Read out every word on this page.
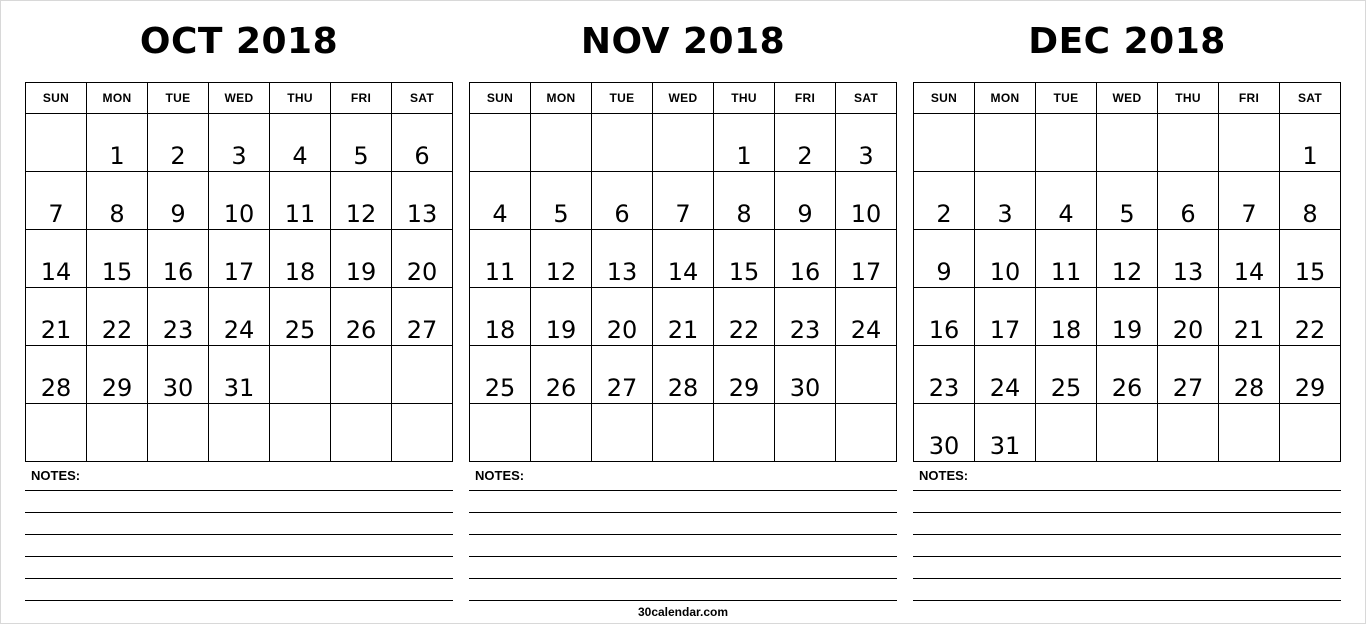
OCT 2018
SUN	MON	TUE	WED	THU	FRI	SAT
	1	2	3	4	5	6
7	8	9	10	11	12	13
14	15	16	17	18	19	20
21	22	23	24	25	26	27
28	29	30	31			

NOTES:
NOV 2018
SUN	MON	TUE	WED	THU	FRI	SAT
				1	2	3
4	5	6	7	8	9	10
11	12	13	14	15	16	17
18	19	20	21	22	23	24
25	26	27	28	29	30	

NOTES:
DEC 2018
SUN	MON	TUE	WED	THU	FRI	SAT
						1
2	3	4	5	6	7	8
9	10	11	12	13	14	15
16	17	18	19	20	21	22
23	24	25	26	27	28	29
30	31					
NOTES:
30calendar.com
